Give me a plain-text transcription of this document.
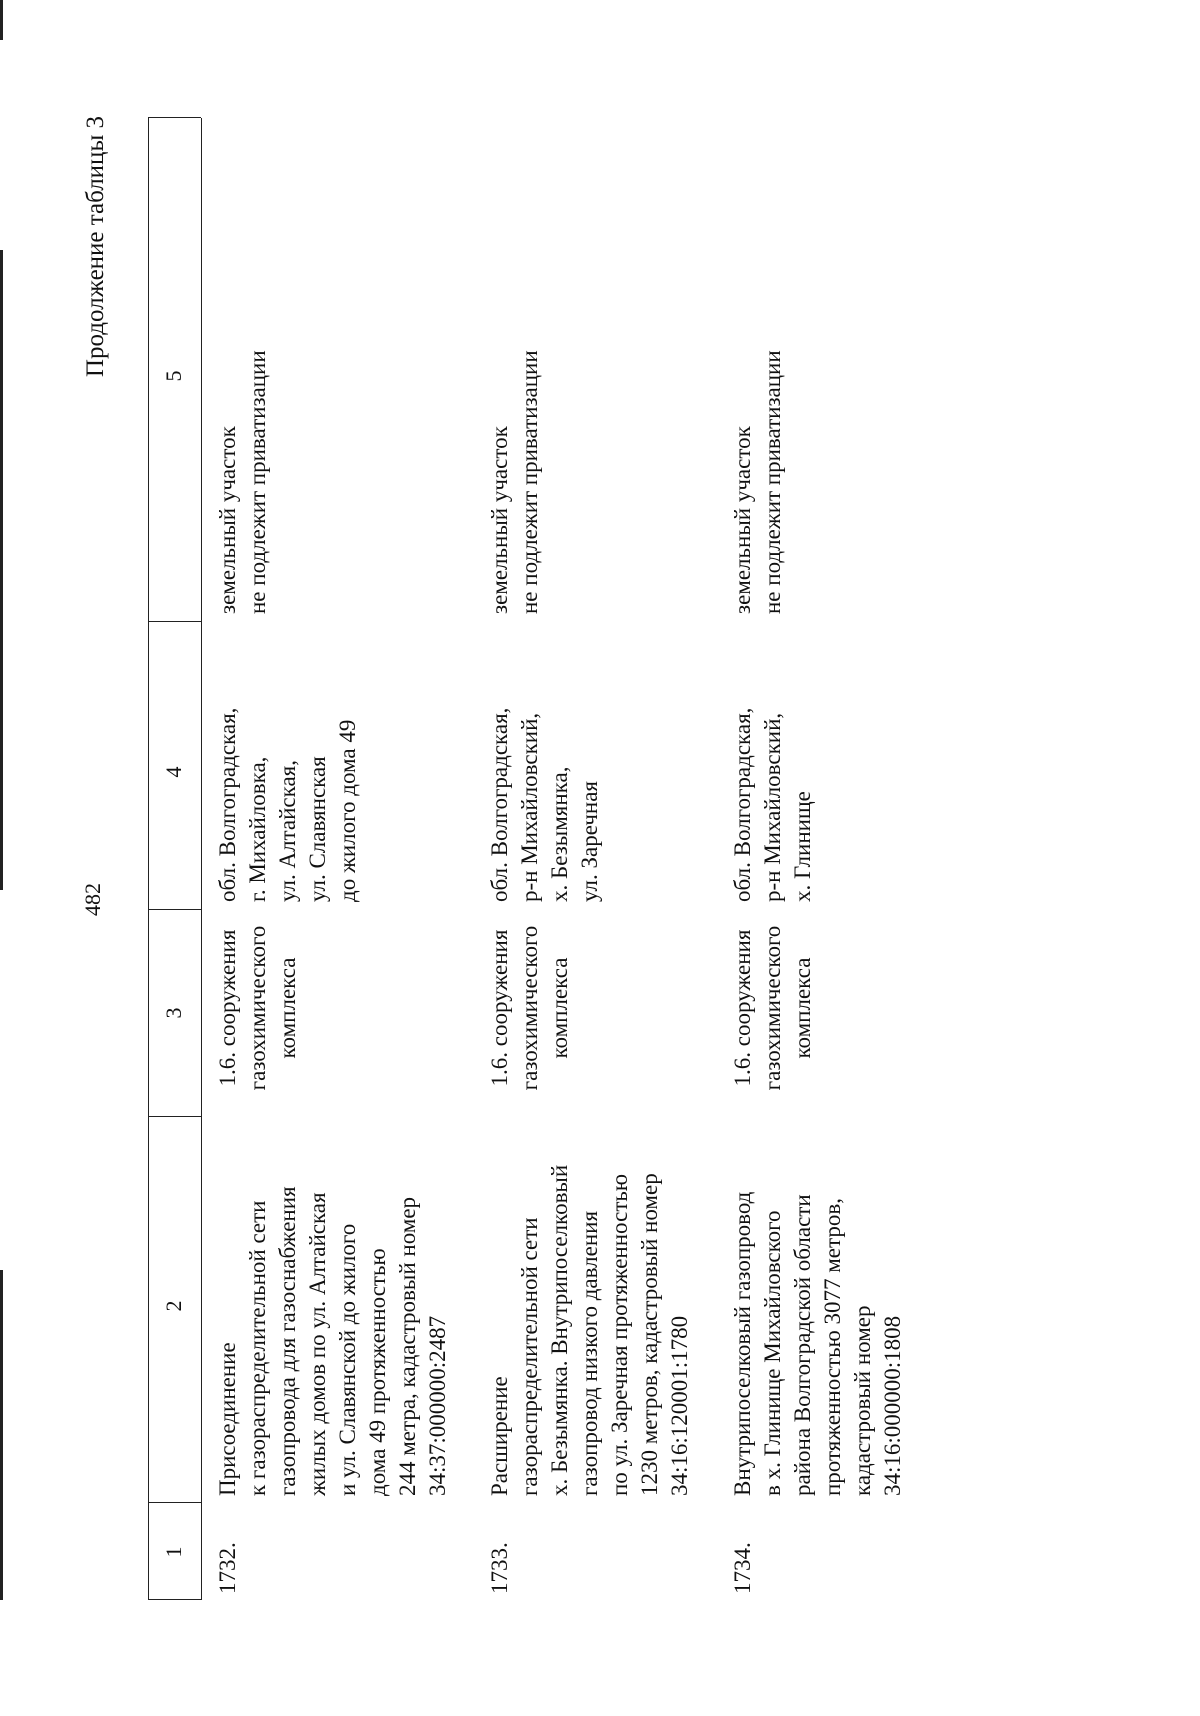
482
Продолжение таблицы 3
1
2
3
4
5
1732.
Присоединение
к газораспределительной сети
газопровода для газоснабжения
жилых домов по ул. Алтайская
и ул. Славянской до жилого
дома 49 протяженностью
244 метра, кадастровый номер
34:37:000000:2487
1.6. сооружения
газохимического
комплекса
обл. Волгоградская,
г. Михайловка,
ул. Алтайская,
ул. Славянская
до жилого дома 49
земельный участок
не подлежит приватизации
1733.
Расширение
газораспределительной сети
х. Безымянка. Внутрипоселковый
газопровод низкого давления
по ул. Заречная протяженностью
1230 метров, кадастровый номер
34:16:120001:1780
1.6. сооружения
газохимического
комплекса
обл. Волгоградская,
р-н Михайловский,
х. Безымянка,
ул. Заречная
земельный участок
не подлежит приватизации
1734.
Внутрипоселковый газопровод
в х. Глинище Михайловского
района Волгоградской области
протяженностью 3077 метров,
кадастровый номер
34:16:000000:1808
1.6. сооружения
газохимического
комплекса
обл. Волгоградская,
р-н Михайловский,
х. Глинище
земельный участок
не подлежит приватизации
